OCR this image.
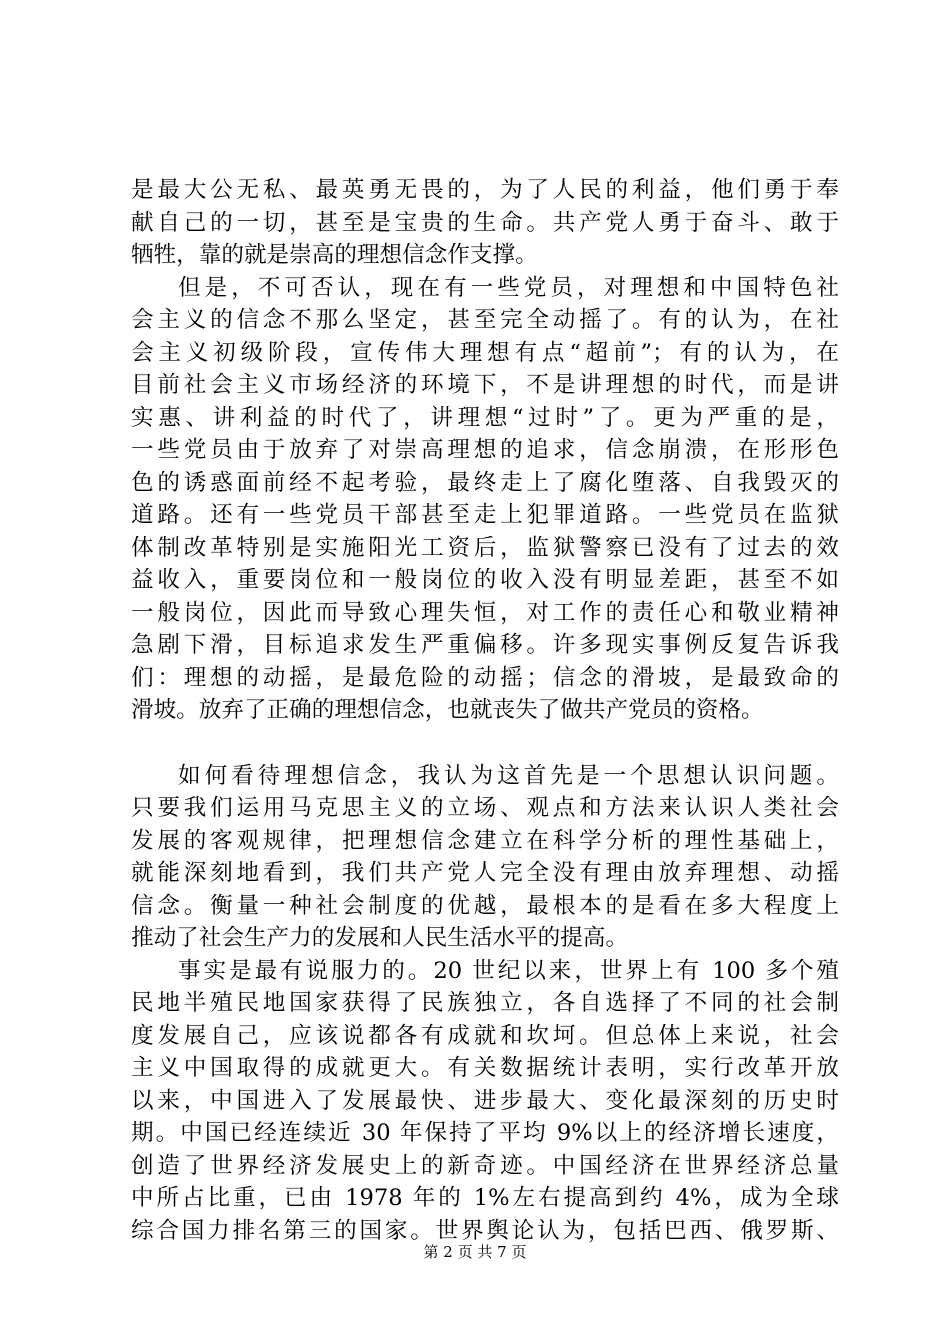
是最大公无私、最英勇无畏的，为了人民的利益，他们勇于奉
献自己的一切，甚至是宝贵的生命。共产党人勇于奋斗、敢于
牺牲，靠的就是崇高的理想信念作支撑。
但是，不可否认，现在有一些党员，对理想和中国特色社
会主义的信念不那么坚定，甚至完全动摇了。有的认为，在社
会主义初级阶段，宣传伟大理想有点“超前”；有的认为，在
目前社会主义市场经济的环境下，不是讲理想的时代，而是讲
实惠、讲利益的时代了，讲理想“过时”了。更为严重的是，
一些党员由于放弃了对崇高理想的追求，信念崩溃，在形形色
色的诱惑面前经不起考验，最终走上了腐化堕落、自我毁灭的
道路。还有一些党员干部甚至走上犯罪道路。一些党员在监狱
体制改革特别是实施阳光工资后，监狱警察已没有了过去的效
益收入，重要岗位和一般岗位的收入没有明显差距，甚至不如
一般岗位，因此而导致心理失恒，对工作的责任心和敬业精神
急剧下滑，目标追求发生严重偏移。许多现实事例反复告诉我
们：理想的动摇，是最危险的动摇；信念的滑坡，是最致命的
滑坡。放弃了正确的理想信念，也就丧失了做共产党员的资格。
如何看待理想信念，我认为这首先是一个思想认识问题。
只要我们运用马克思主义的立场、观点和方法来认识人类社会
发展的客观规律，把理想信念建立在科学分析的理性基础上，
就能深刻地看到，我们共产党人完全没有理由放弃理想、动摇
信念。衡量一种社会制度的优越，最根本的是看在多大程度上
推动了社会生产力的发展和人民生活水平的提高。
事实是最有说服力的。20 世纪以来，世界上有 100 多个殖
民地半殖民地国家获得了民族独立，各自选择了不同的社会制
度发展自己，应该说都各有成就和坎坷。但总体上来说，社会
主义中国取得的成就更大。有关数据统计表明，实行改革开放
以来，中国进入了发展最快、进步最大、变化最深刻的历史时
期。中国已经连续近 30 年保持了平均 9%以上的经济增长速度，
创造了世界经济发展史上的新奇迹。中国经济在世界经济总量
中所占比重，已由 1978 年的 1%左右提高到约 4%，成为全球
综合国力排名第三的国家。世界舆论认为，包括巴西、俄罗斯、
第 2 页 共 7 页
